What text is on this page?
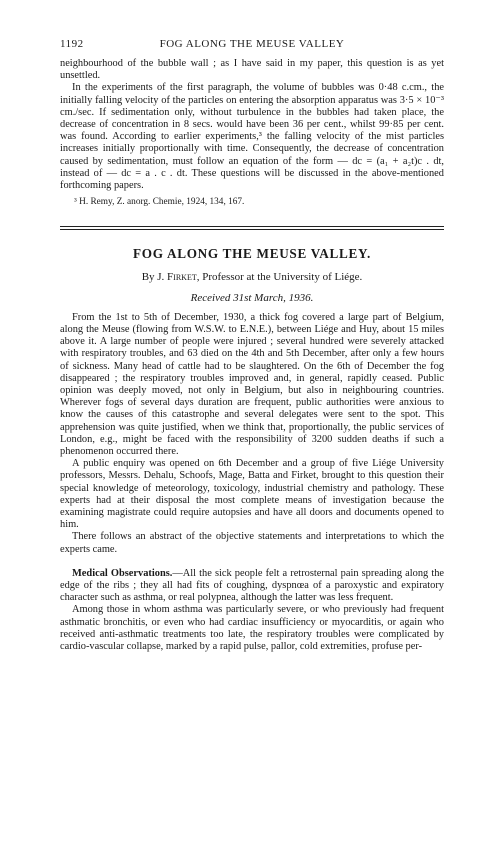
1192	FOG ALONG THE MEUSE VALLEY

neighbourhood of the bubble wall ; as I have said in my paper, this question is as yet unsettled.

In the experiments of the first paragraph, the volume of bubbles was 0·48 c.cm., the initially falling velocity of the particles on entering the absorption apparatus was 3·5 × 10⁻³ cm./sec. If sedimentation only, without turbulence in the bubbles had taken place, the decrease of concentration in 8 secs. would have been 36 per cent., whilst 99·85 per cent. was found. According to earlier experiments,³ the falling velocity of the mist particles increases initially proportionally with time. Consequently, the decrease of concentration caused by sedimentation, must follow an equation of the form — dc = (a₁ + a₂t)c . dt, instead of — dc = a . c . dt. These questions will be discussed in the above-mentioned forthcoming papers.

³ H. Remy, Z. anorg. Chemie, 1924, 134, 167.

FOG ALONG THE MEUSE VALLEY.
By J. Firket, Professor at the University of Liége.
Received 31st March, 1936.

From the 1st to 5th of December, 1930, a thick fog covered a large part of Belgium, along the Meuse (flowing from W.S.W. to E.N.E.), between Liége and Huy, about 15 miles above it. A large number of people were injured ; several hundred were severely attacked with respiratory troubles, and 63 died on the 4th and 5th December, after only a few hours of sickness. Many head of cattle had to be slaughtered. On the 6th of December the fog disappeared ; the respiratory troubles improved and, in general, rapidly ceased. Public opinion was deeply moved, not only in Belgium, but also in neighbouring countries. Wherever fogs of several days duration are frequent, public authorities were anxious to know the causes of this catastrophe and several delegates were sent to the spot. This apprehension was quite justified, when we think that, proportionally, the public services of London, e.g., might be faced with the responsibility of 3200 sudden deaths if such a phenomenon occurred there.

A public enquiry was opened on 6th December and a group of five Liége University professors, Messrs. Dehalu, Schoofs, Mage, Batta and Firket, brought to this question their special knowledge of meteorology, toxicology, industrial chemistry and pathology. These experts had at their disposal the most complete means of investigation because the examining magistrate could require autopsies and have all doors and documents opened to him.

There follows an abstract of the objective statements and interpretations to which the experts came.

Medical Observations.—All the sick people felt a retrosternal pain spreading along the edge of the ribs ; they all had fits of coughing, dyspnœa of a paroxystic and expiratory character such as asthma, or real polypnea, although the latter was less frequent.

Among those in whom asthma was particularly severe, or who previously had frequent asthmatic bronchitis, or even who had cardiac insufficiency or myocarditis, or again who received anti-asthmatic treatments too late, the respiratory troubles were complicated by cardio-vascular collapse, marked by a rapid pulse, pallor, cold extremities, profuse per-
